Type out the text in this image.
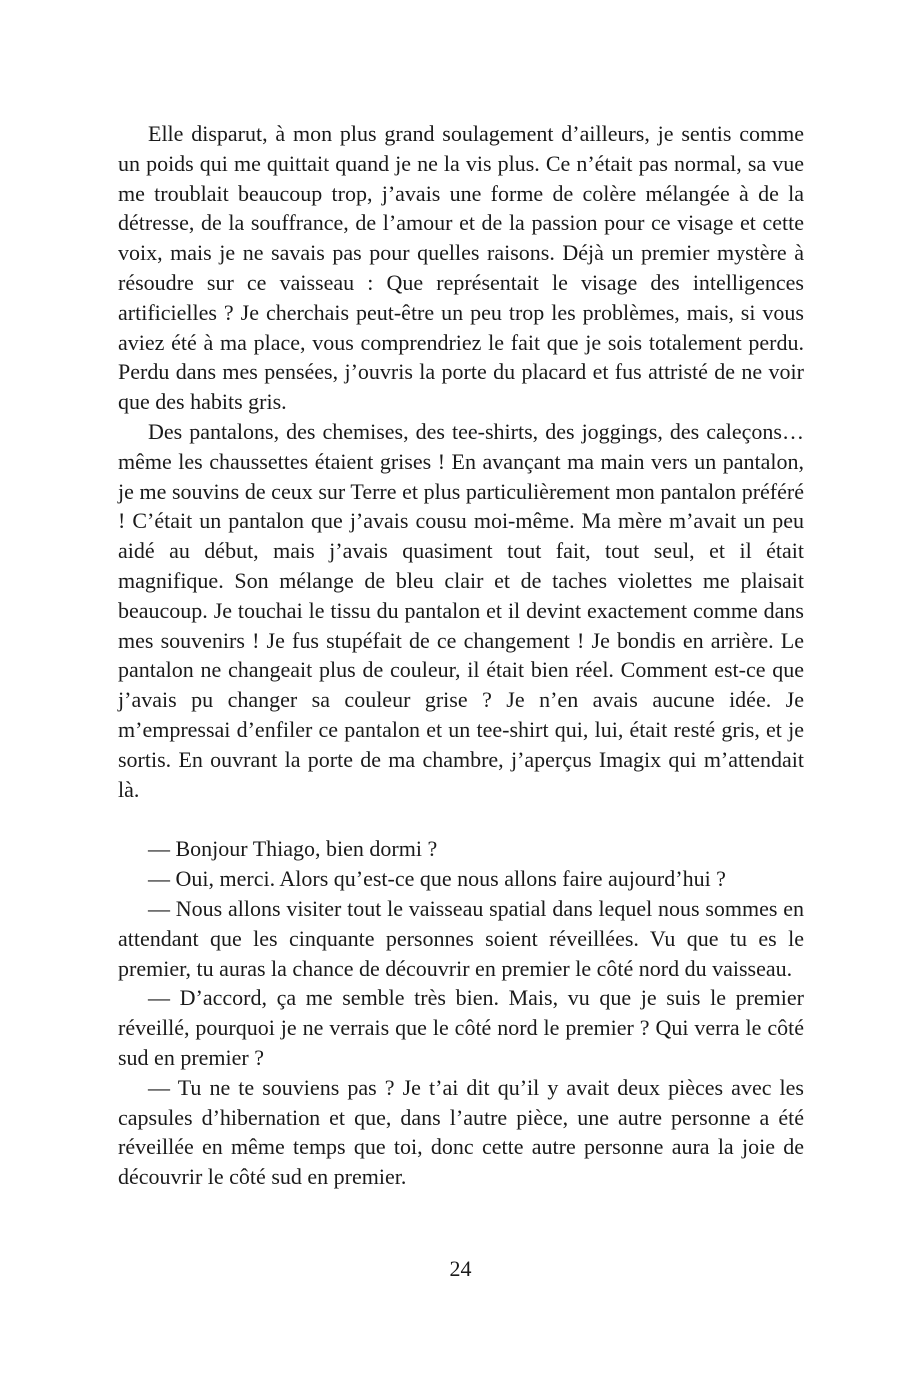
Elle disparut, à mon plus grand soulagement d’ailleurs, je sentis comme un poids qui me quittait quand je ne la vis plus. Ce n’était pas normal, sa vue me troublait beaucoup trop, j’avais une forme de colère mélangée à de la détresse, de la souffrance, de l’amour et de la passion pour ce visage et cette voix, mais je ne savais pas pour quelles raisons. Déjà un premier mystère à résoudre sur ce vaisseau : Que représentait le visage des intelligences artificielles ? Je cherchais peut-être un peu trop les problèmes, mais, si vous aviez été à ma place, vous comprendriez le fait que je sois totalement perdu. Perdu dans mes pensées, j’ouvris la porte du placard et fus attristé de ne voir que des habits gris.

Des pantalons, des chemises, des tee-shirts, des joggings, des caleçons… même les chaussettes étaient grises ! En avançant ma main vers un pantalon, je me souvins de ceux sur Terre et plus particulièrement mon pantalon préféré ! C’était un pantalon que j’avais cousu moi-même. Ma mère m’avait un peu aidé au début, mais j’avais quasiment tout fait, tout seul, et il était magnifique. Son mélange de bleu clair et de taches violettes me plaisait beaucoup. Je touchai le tissu du pantalon et il devint exactement comme dans mes souvenirs ! Je fus stupéfait de ce changement ! Je bondis en arrière. Le pantalon ne changeait plus de couleur, il était bien réel. Comment est-ce que j’avais pu changer sa couleur grise ? Je n’en avais aucune idée. Je m’empressai d’enfiler ce pantalon et un tee-shirt qui, lui, était resté gris, et je sortis. En ouvrant la porte de ma chambre, j’aperçus Imagix qui m’attendait là.

— Bonjour Thiago, bien dormi ?

— Oui, merci. Alors qu’est-ce que nous allons faire aujourd’hui ?

— Nous allons visiter tout le vaisseau spatial dans lequel nous sommes en attendant que les cinquante personnes soient réveillées. Vu que tu es le premier, tu auras la chance de découvrir en premier le côté nord du vaisseau.

— D’accord, ça me semble très bien. Mais, vu que je suis le premier réveillé, pourquoi je ne verrais que le côté nord le premier ? Qui verra le côté sud en premier ?

— Tu ne te souviens pas ? Je t’ai dit qu’il y avait deux pièces avec les capsules d’hibernation et que, dans l’autre pièce, une autre personne a été réveillée en même temps que toi, donc cette autre personne aura la joie de découvrir le côté sud en premier.

24
